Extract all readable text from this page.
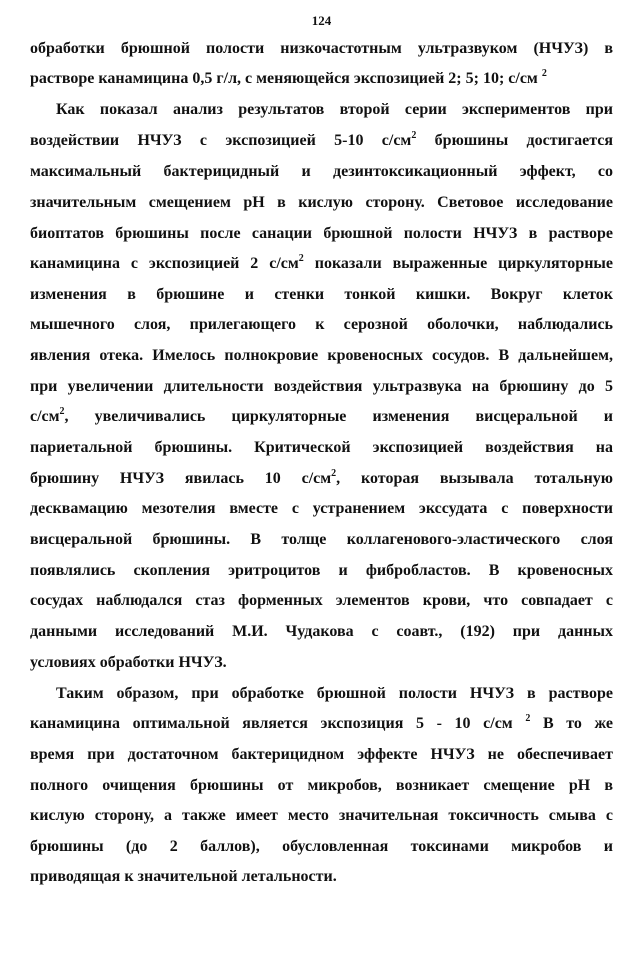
124
обработки брюшной полости низкочастотным ультразвуком (НЧУЗ) в
растворе канамицина 0,5 г/л, с меняющейся экспозицией 2; 5; 10; с/см $^2$
Как показал анализ результатов второй серии экспериментов при
воздействии НЧУЗ с экспозицией 5-10 $с/см^2$ брюшины достигается
максимальный бактерицидный и дезинтоксикационный эффект, со
значительным смещением pH в кислую сторону. Световое исследование
биоптатов брюшины после санации брюшной полости НЧУЗ в растворе
канамицина с экспозицией 2 $с/см^2$ показали выраженные циркуляторные
изменения в брюшине и стенки тонкой кишки. Вокруг клеток
мышечного слоя, прилегающего к серозной оболочки, наблюдались
явления отека. Имелось полнокровие кровеносных сосудов. В дальнейшем,
при увеличении длительности воздействия ультразвука на брюшину до 5
$с/см^2$, увеличивались циркуляторные изменения висцеральной и
париетальной брюшины. Критической экспозицией воздействия на
брюшину НЧУЗ явилась 10 $с/см^2$, которая вызывала тотальную
десквамацию мезотелия вместе с устранением экссудата с поверхности
висцеральной брюшины. В толще коллагенового-эластического слоя
появлялись скопления эритроцитов и фибробластов. В кровеносных
сосудах наблюдался стаз форменных элементов крови, что совпадает с
данными исследований М.И. Чудакова с соавт., (192) при данных
условиях обработки НЧУЗ.
Таким образом, при обработке брюшной полости НЧУЗ в растворе
канамицина оптимальной является экспозиция 5 - 10 с/см $^2$ В то же
время при достаточном бактерицидном эффекте НЧУЗ не обеспечивает
полного очищения брюшины от микробов, возникает смещение pH в
кислую сторону, а также имеет место значительная токсичность смыва с
брюшины (до 2 баллов), обусловленная токсинами микробов и
приводящая к значительной летальности.
